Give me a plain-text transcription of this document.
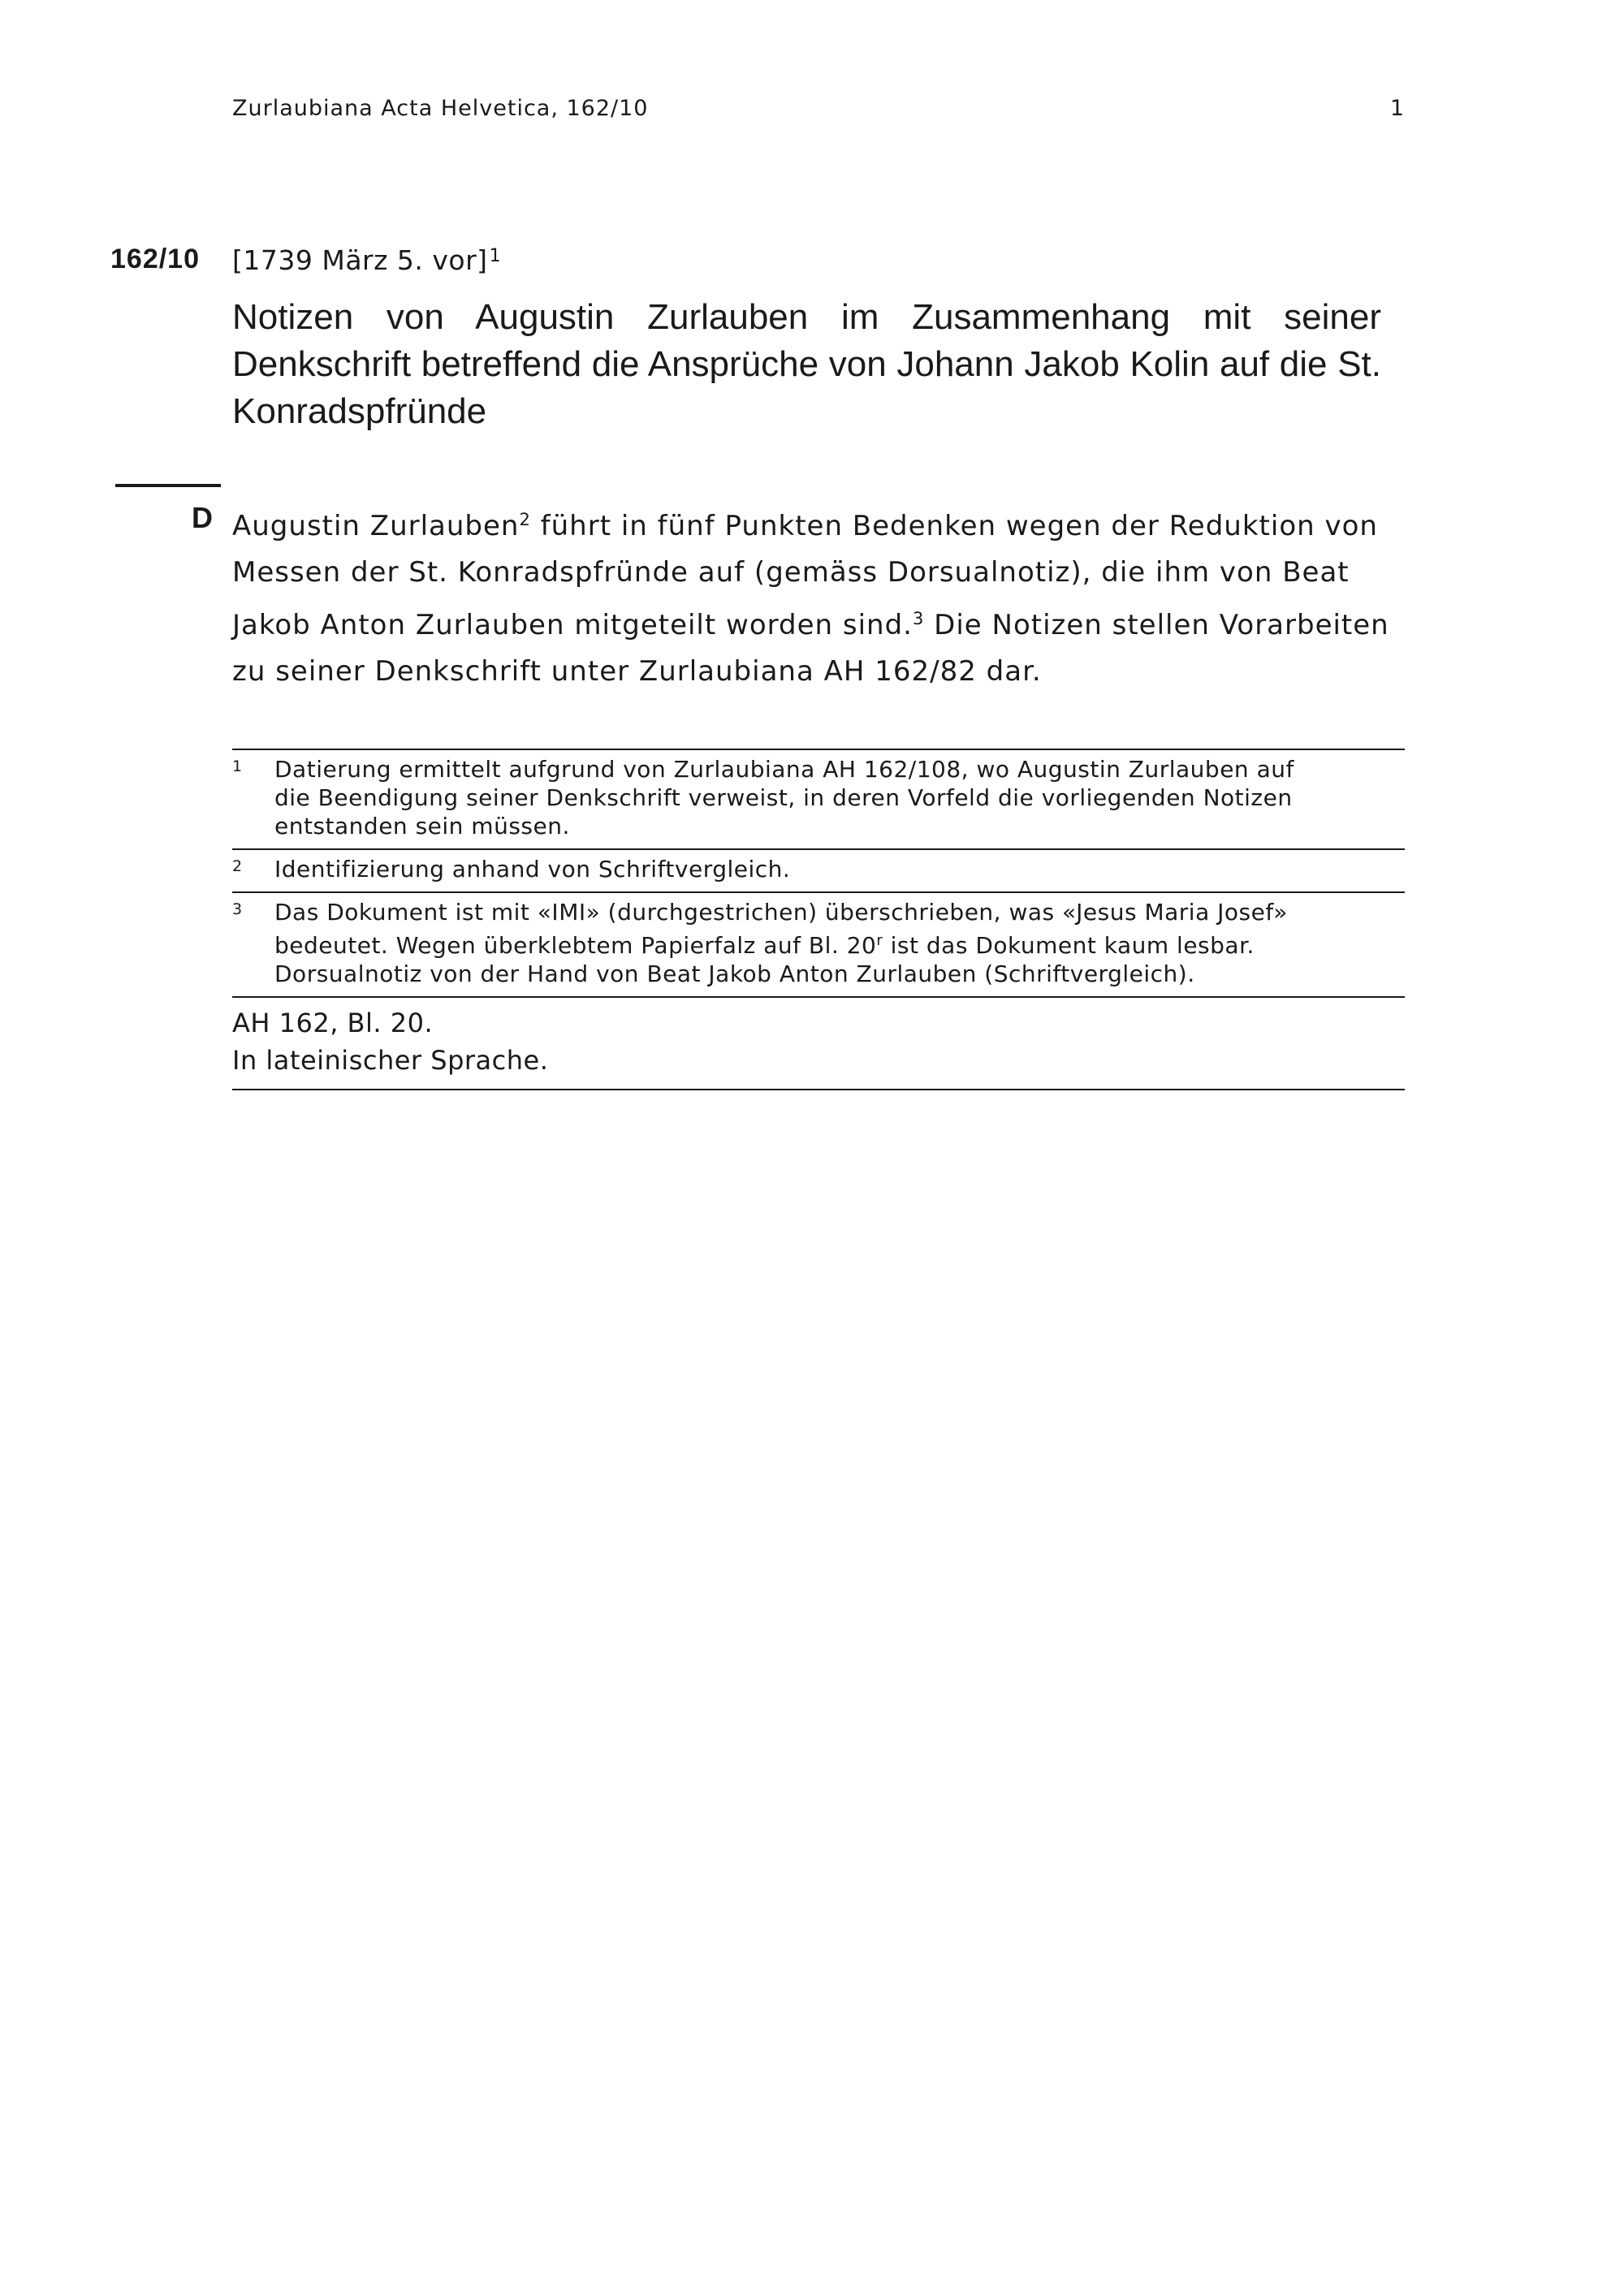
Zurlaubiana Acta Helvetica, 162/10	1
162/10 [1739 März 5. vor]$^1$
Notizen von Augustin Zurlauben im Zusammenhang mit seiner Denkschrift betreffend die Ansprüche von Johann Jakob Kolin auf die St. Konradspfründe
D Augustin Zurlauben$^2$ führt in fünf Punkten Bedenken wegen der Reduktion von Messen der St. Konradspfründe auf (gemäss Dorsualnotiz), die ihm von Beat Jakob Anton Zurlauben mitgeteilt worden sind.$^3$ Die Notizen stellen Vorarbeiten zu seiner Denkschrift unter Zurlaubiana AH 162/82 dar.

1 Datierung ermittelt aufgrund von Zurlaubiana AH 162/108, wo Augustin Zurlauben auf
die Beendigung seiner Denkschrift verweist, in deren Vorfeld die vorliegenden Notizen
entstanden sein müssen.
2 Identifizierung anhand von Schriftvergleich.
3 Das Dokument ist mit «IMI» (durchgestrichen) überschrieben, was «Jesus Maria Josef»
bedeutet. Wegen überklebtem Papierfalz auf Bl. 20$^r$ ist das Dokument kaum lesbar.
Dorsualnotiz von der Hand von Beat Jakob Anton Zurlauben (Schriftvergleich).
AH 162, Bl. 20.
In lateinischer Sprache.
